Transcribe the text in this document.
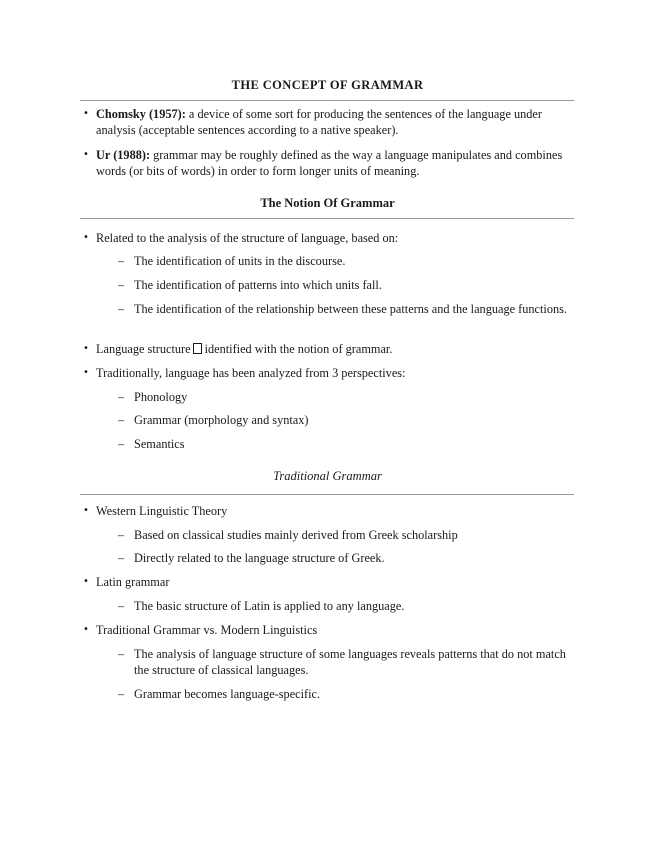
THE CONCEPT OF GRAMMAR
• Chomsky (1957): a device of some sort for producing the sentences of the language under analysis (acceptable sentences according to a native speaker).
• Ur (1988): grammar may be roughly defined as the way a language manipulates and combines words (or bits of words) in order to form longer units of meaning.
The Notion Of Grammar
• Related to the analysis of the structure of language, based on:
– The identification of units in the discourse.
– The identification of patterns into which units fall.
– The identification of the relationship between these patterns and the language functions.
• Language structure identified with the notion of grammar.
• Traditionally, language has been analyzed from 3 perspectives:
– Phonology
– Grammar (morphology and syntax)
– Semantics
Traditional Grammar
• Western Linguistic Theory
– Based on classical studies mainly derived from Greek scholarship
– Directly related to the language structure of Greek.
• Latin grammar
– The basic structure of Latin is applied to any language.
• Traditional Grammar vs. Modern Linguistics
– The analysis of language structure of some languages reveals patterns that do not match the structure of classical languages.
– Grammar becomes language-specific.
